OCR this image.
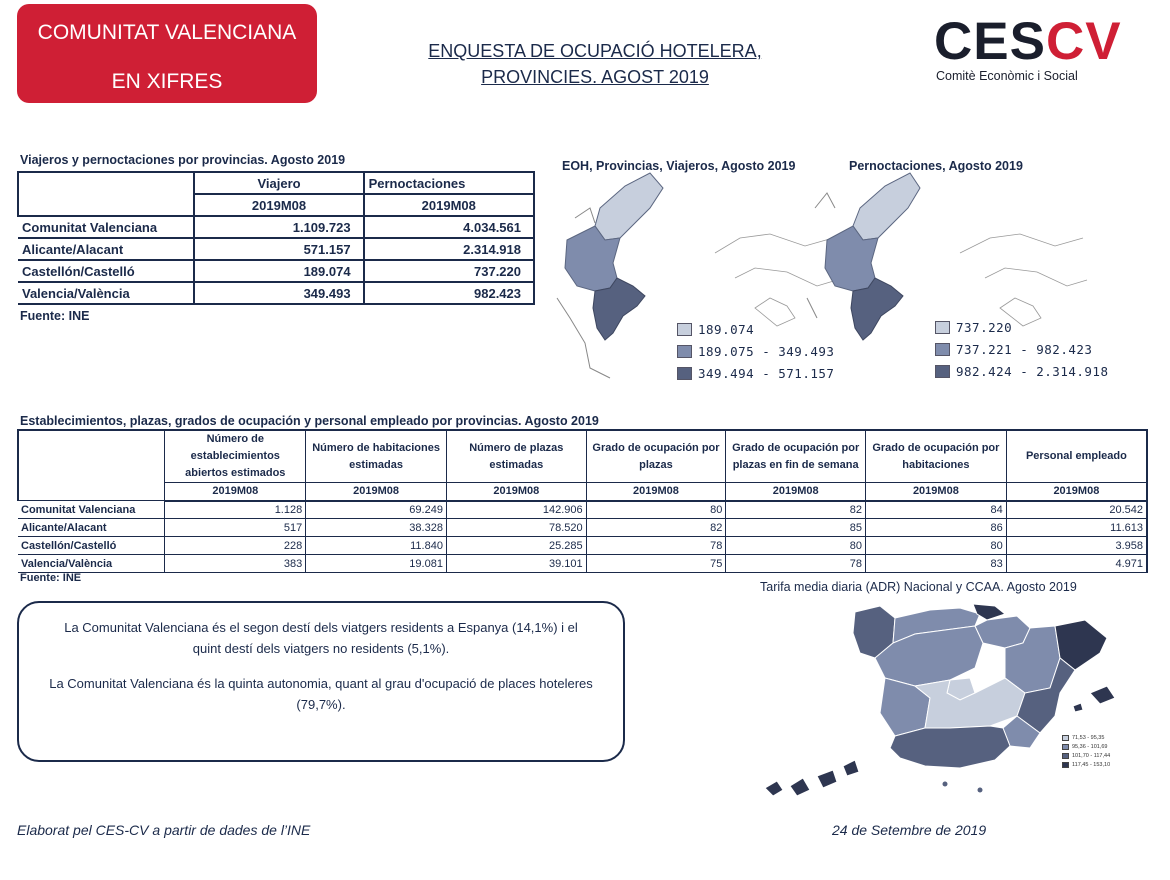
COMUNITAT VALENCIANA
EN XIFRES
ENQUESTA DE OCUPACIÓ HOTELERA,
PROVINCIES. AGOST 2019
CESCV
Comitè Econòmic i Social
Viajeros y pernoctaciones por provincias. Agosto 2019
	Viajero	Pernoctaciones
	2019M08	2019M08
Comunitat Valenciana	1.109.723	4.034.561
Alicante/Alacant	571.157	2.314.918
Castellón/Castelló	189.074	737.220
Valencia/València	349.493	982.423
Fuente: INE
EOH, Provincias, Viajeros, Agosto 2019
189.074
189.075 - 349.493
349.494 - 571.157
Pernoctaciones, Agosto 2019
737.220
737.221 - 982.423
982.424 - 2.314.918
Establecimientos, plazas, grados de ocupación y personal empleado por provincias. Agosto 2019
	Número de establecimientos abiertos estimados	Número de habitaciones estimadas	Número de plazas estimadas	Grado de ocupación por plazas	Grado de ocupación por plazas en fin de semana	Grado de ocupación por habitaciones	Personal empleado
	2019M08	2019M08	2019M08	2019M08	2019M08	2019M08	2019M08
Comunitat Valenciana	1.128	69.249	142.906	80	82	84	20.542
Alicante/Alacant	517	38.328	78.520	82	85	86	11.613
Castellón/Castelló	228	11.840	25.285	78	80	80	3.958
Valencia/València	383	19.081	39.101	75	78	83	4.971
Fuente: INE

La Comunitat Valenciana és el segon destí dels viatgers residents a Espanya (14,1%) i el quint destí dels viatgers no residents (5,1%).

La Comunitat Valenciana és la quinta autonomia, quant al grau d'ocupació de places hoteleres (79,7%).

Tarifa media diaria (ADR) Nacional y CCAA. Agosto 2019
71,53 - 95,35
95,36 - 101,69
101,70 - 117,44
117,45 - 153,10
Elaborat pel CES-CV a partir de dades de l’INE	24 de Setembre de 2019
